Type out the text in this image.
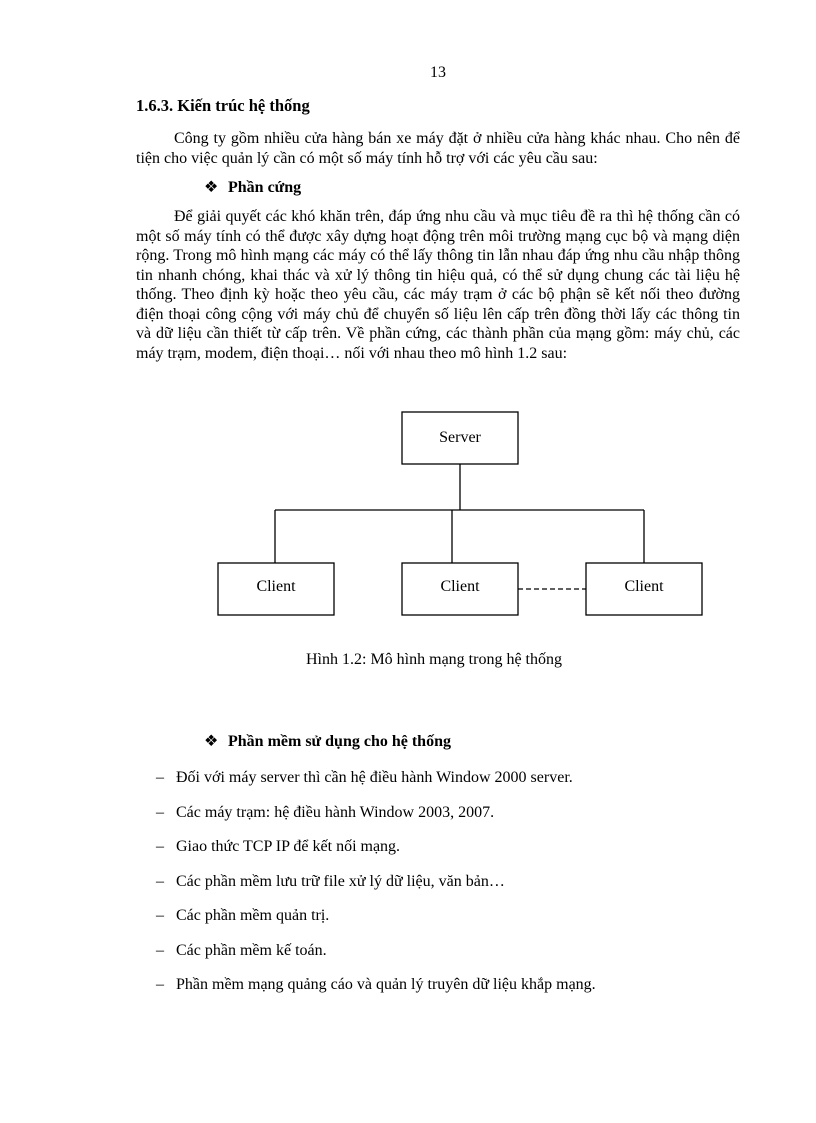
13
1.6.3. Kiến trúc hệ thống

Công ty gồm nhiều cửa hàng bán xe máy đặt ở nhiều cửa hàng khác nhau. Cho nên để tiện cho việc quản lý cần có một số máy tính hỗ trợ với các yêu cầu sau:

❖ Phần cứng

Để giải quyết các khó khăn trên, đáp ứng nhu cầu và mục tiêu đề ra thì hệ thống cần có một số máy tính có thể được xây dựng hoạt động trên môi trường mạng cục bộ và mạng diện rộng. Trong mô hình mạng các máy có thể lấy thông tin lẫn nhau đáp ứng nhu cầu nhập thông tin nhanh chóng, khai thác và xử lý thông tin hiệu quả, có thể sử dụng chung các tài liệu hệ thống. Theo định kỳ hoặc theo yêu cầu, các máy trạm ở các bộ phận sẽ kết nối theo đường điện thoại công cộng với máy chủ để chuyển số liệu lên cấp trên đồng thời lấy các thông tin và dữ liệu cần thiết từ cấp trên. Về phần cứng, các thành phần của mạng gồm: máy chủ, các máy trạm, modem, điện thoại… nối với nhau theo mô hình 1.2 sau:

Server
Client	Client	Client
Hình 1.2: Mô hình mạng trong hệ thống
❖ Phần mềm sử dụng cho hệ thống
– Đối với máy server thì cần hệ điều hành Window 2000 server.
– Các máy trạm: hệ điều hành Window 2003, 2007.
– Giao thức TCP IP để kết nối mạng.
– Các phần mềm lưu trữ file xử lý dữ liệu, văn bản…
– Các phần mềm quản trị.
– Các phần mềm kế toán.
– Phần mềm mạng quảng cáo và quản lý truyên dữ liệu khắp mạng.
